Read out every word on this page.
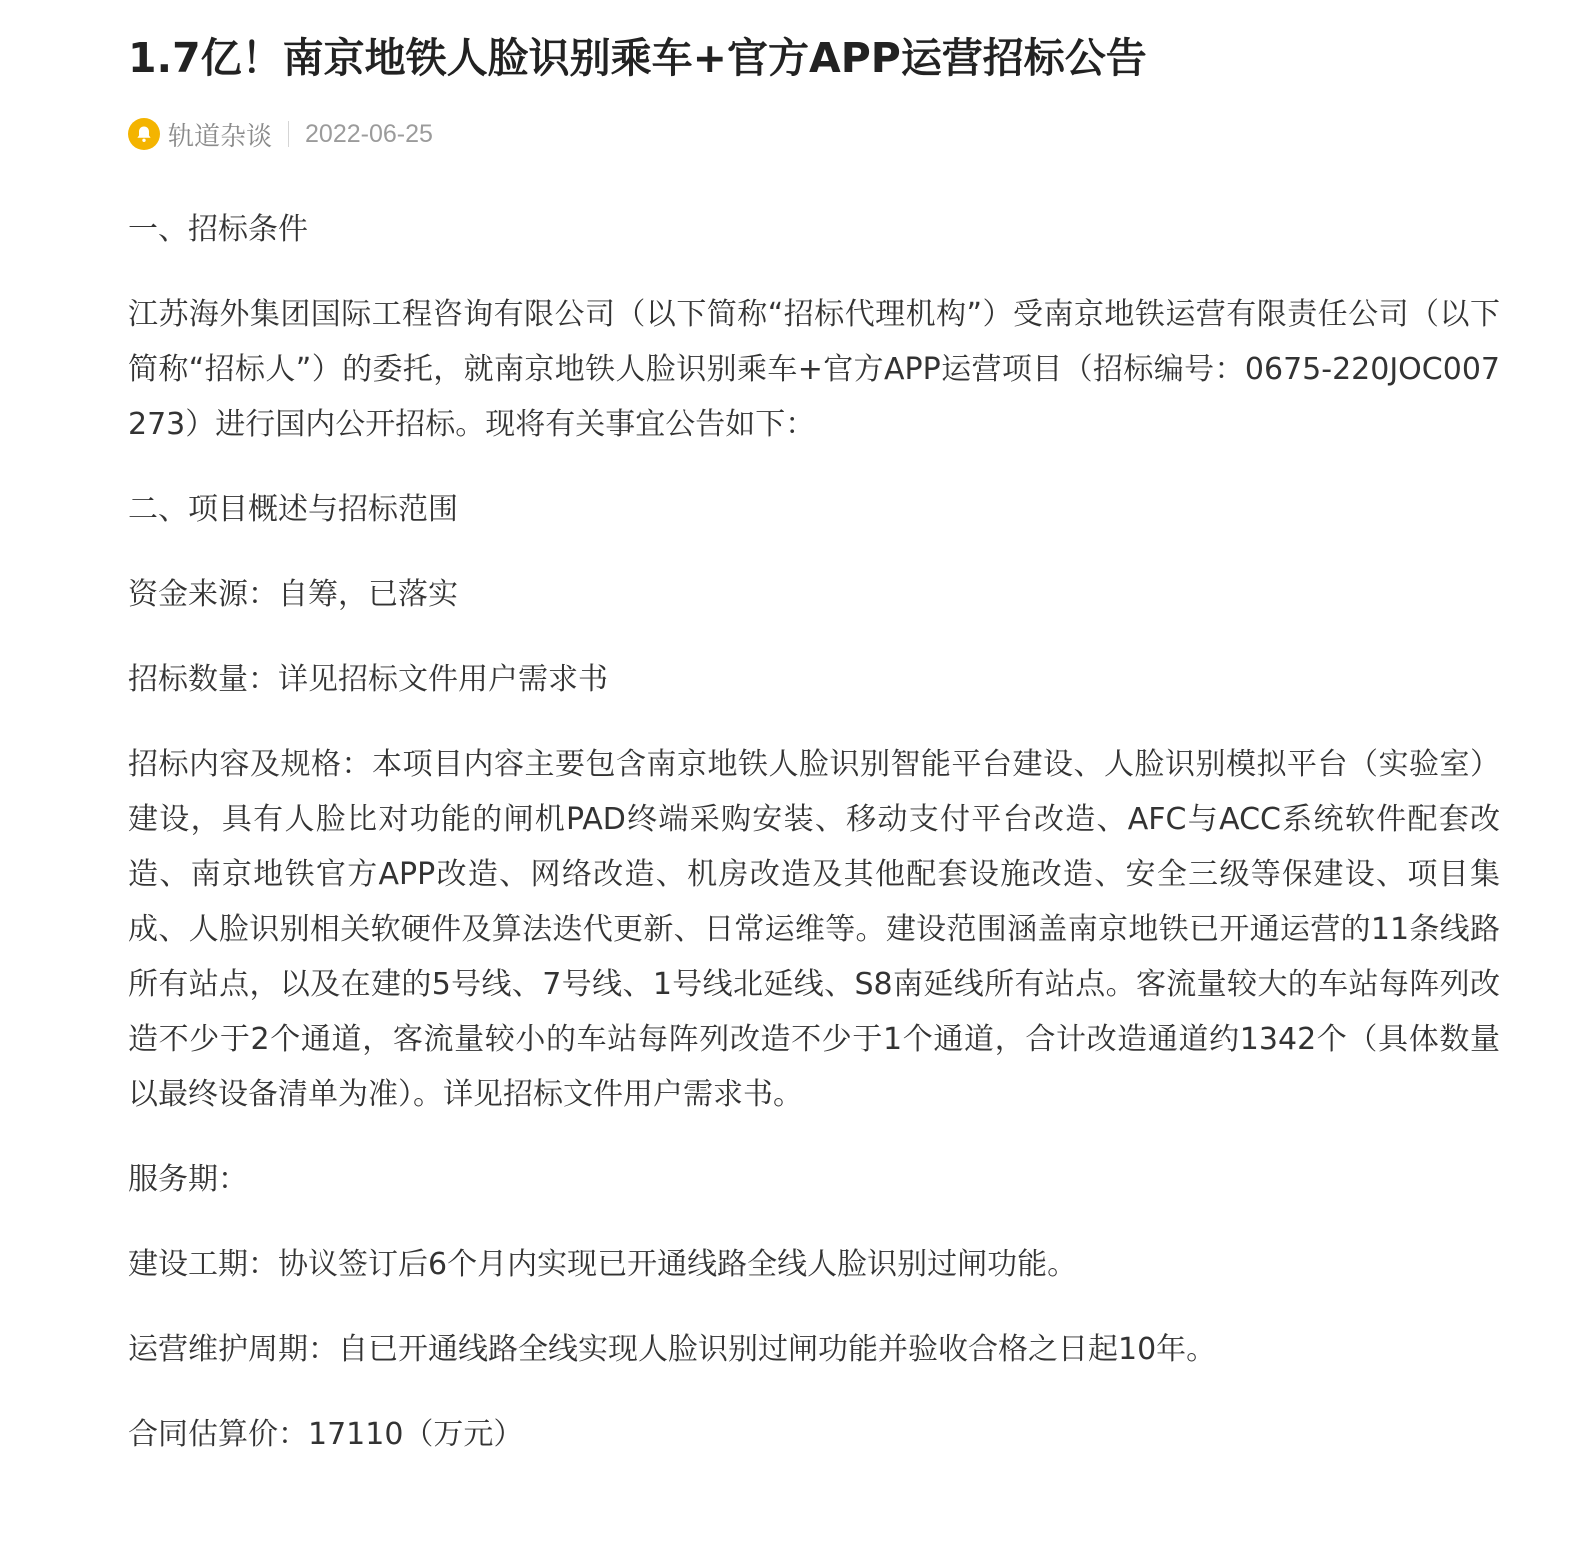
1.7亿！南京地铁人脸识别乘车+官方APP运营招标公告
轨道杂谈 2022-06-25

一、招标条件

江苏海外集团国际工程咨询有限公司（以下简称“招标代理机构”）受南京地铁运营有限责任公司（以下简称“招标人”）的委托，就南京地铁人脸识别乘车+官方APP运营项目（招标编号：0675-220JOC007273）进行国内公开招标。现将有关事宜公告如下：

二、项目概述与招标范围

资金来源：自筹，已落实

招标数量：详见招标文件用户需求书

招标内容及规格：本项目内容主要包含南京地铁人脸识别智能平台建设、人脸识别模拟平台（实验室）建设，具有人脸比对功能的闸机PAD终端采购安装、移动支付平台改造、AFC与ACC系统软件配套改造、南京地铁官方APP改造、网络改造、机房改造及其他配套设施改造、安全三级等保建设、项目集成、人脸识别相关软硬件及算法迭代更新、日常运维等。建设范围涵盖南京地铁已开通运营的11条线路所有站点，以及在建的5号线、7号线、1号线北延线、S8南延线所有站点。客流量较大的车站每阵列改造不少于2个通道，客流量较小的车站每阵列改造不少于1个通道，合计改造通道约1342个（具体数量以最终设备清单为准）。详见招标文件用户需求书。

服务期：

建设工期：协议签订后6个月内实现已开通线路全线人脸识别过闸功能。

运营维护周期：自已开通线路全线实现人脸识别过闸功能并验收合格之日起10年。

合同估算价：17110（万元）
